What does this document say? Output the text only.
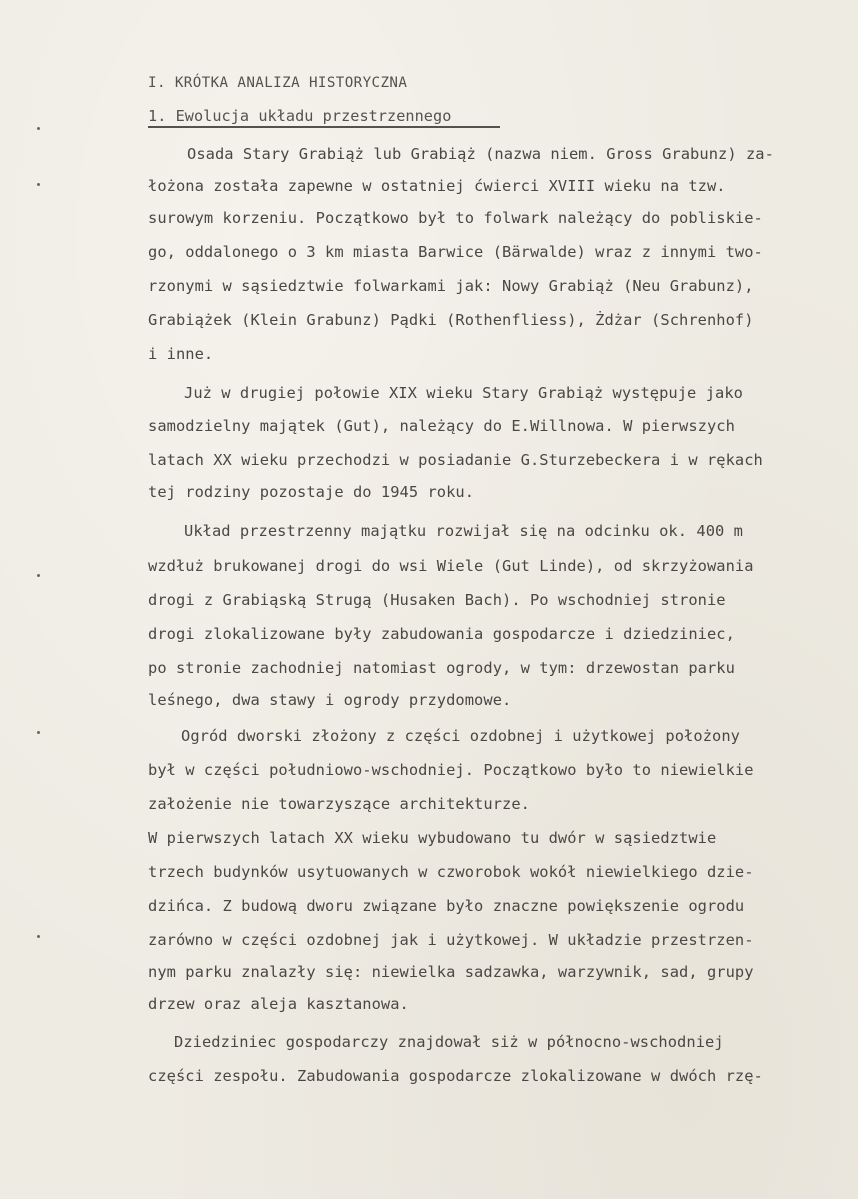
I. KRÓTKA ANALIZA HISTORYCZNA
1. Ewolucja układu przestrzennego
Osada Stary Grabiąż lub Grabiąż (nazwa niem. Gross Grabunz) za-
łożona została zapewne w ostatniej ćwierci XVIII wieku na tzw.
surowym korzeniu. Początkowo był to folwark należący do pobliskie-
go, oddalonego o 3 km miasta Barwice (Bärwalde) wraz z innymi two-
rzonymi w sąsiedztwie folwarkami jak: Nowy Grabiąż (Neu Grabunz),
Grabiążek (Klein Grabunz) Pądki (Rothenfliess), Żdżar (Schrenhof)
i inne.
Już w drugiej połowie XIX wieku Stary Grabiąż występuje jako
samodzielny majątek (Gut), należący do E.Willnowa. W pierwszych
latach XX wieku przechodzi w posiadanie G.Sturzebeckera i w rękach
tej rodziny pozostaje do 1945 roku.
Układ przestrzenny majątku rozwijał się na odcinku ok. 400 m
wzdłuż brukowanej drogi do wsi Wiele (Gut Linde), od skrzyżowania
drogi z Grabiąską Strugą (Husaken Bach). Po wschodniej stronie
drogi zlokalizowane były zabudowania gospodarcze i dziedziniec,
po stronie zachodniej natomiast ogrody, w tym: drzewostan parku
leśnego, dwa stawy i ogrody przydomowe.
Ogród dworski złożony z części ozdobnej i użytkowej położony
był w części południowo-wschodniej. Początkowo było to niewielkie
założenie nie towarzyszące architekturze.
W pierwszych latach XX wieku wybudowano tu dwór w sąsiedztwie
trzech budynków usytuowanych w czworobok wokół niewielkiego dzie-
dzińca. Z budową dworu związane było znaczne powiększenie ogrodu
zarówno w części ozdobnej jak i użytkowej. W układzie przestrzen-
nym parku znalazły się: niewielka sadzawka, warzywnik, sad, grupy
drzew oraz aleja kasztanowa.
Dziedziniec gospodarczy znajdował siż w północno-wschodniej
części zespołu. Zabudowania gospodarcze zlokalizowane w dwóch rzę-
